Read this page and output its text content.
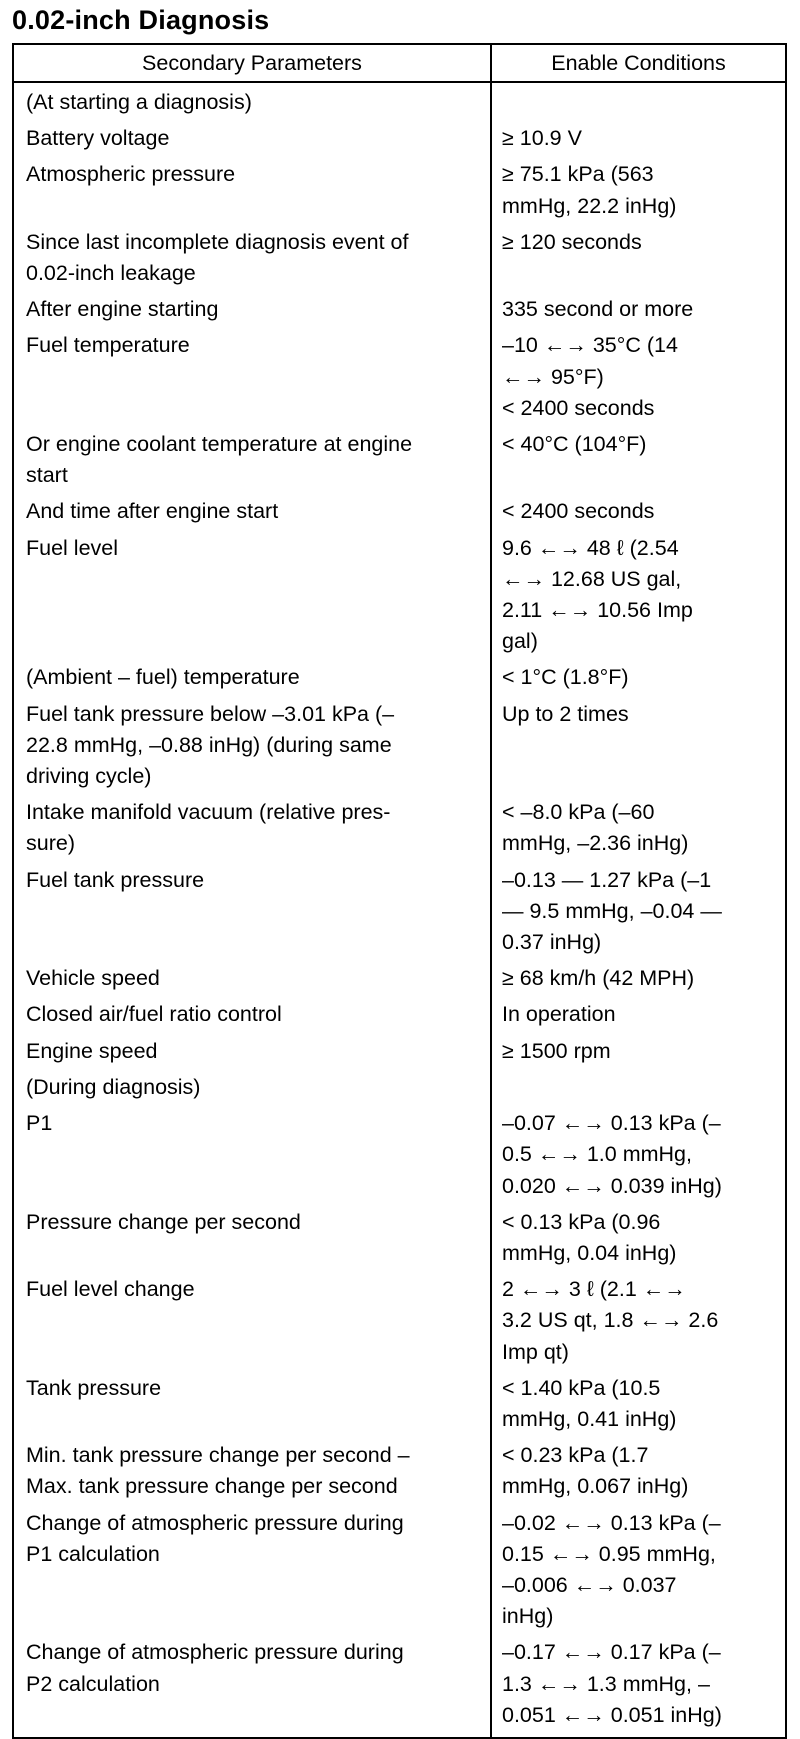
0.02-inch Diagnosis
Secondary Parameters	Enable Conditions

(At starting a diagnosis)	

Battery voltage	≥ 10.9 V

Atmospheric pressure	≥ 75.1 kPa (563
mmHg, 22.2 inHg)

Since last incomplete diagnosis event of
0.02-inch leakage	≥ 120 seconds

After engine starting	335 second or more

Fuel temperature	–10 ←→ 35°C (14
←→ 95°F)
< 2400 seconds

Or engine coolant temperature at engine
start	< 40°C (104°F)

And time after engine start	< 2400 seconds

Fuel level	9.6 ←→ 48 ℓ (2.54
←→ 12.68 US gal,
2.11 ←→ 10.56 Imp
gal)

(Ambient – fuel) temperature	< 1°C (1.8°F)

Fuel tank pressure below –3.01 kPa (–
22.8 mmHg, –0.88 inHg) (during same
driving cycle)	Up to 2 times

Intake manifold vacuum (relative pres-
sure)	< –8.0 kPa (–60
mmHg, –2.36 inHg)

Fuel tank pressure	–0.13 — 1.27 kPa (–1
— 9.5 mmHg, –0.04 —
0.37 inHg)

Vehicle speed	≥ 68 km/h (42 MPH)

Closed air/fuel ratio control	In operation

Engine speed	≥ 1500 rpm

(During diagnosis)	

P1	–0.07 ←→ 0.13 kPa (–
0.5 ←→ 1.0 mmHg,
0.020 ←→ 0.039 inHg)

Pressure change per second	< 0.13 kPa (0.96
mmHg, 0.04 inHg)

Fuel level change	2 ←→ 3 ℓ (2.1 ←→
3.2 US qt, 1.8 ←→ 2.6
Imp qt)

Tank pressure	< 1.40 kPa (10.5
mmHg, 0.41 inHg)

Min. tank pressure change per second –
Max. tank pressure change per second	< 0.23 kPa (1.7
mmHg, 0.067 inHg)

Change of atmospheric pressure during
P1 calculation	–0.02 ←→ 0.13 kPa (–
0.15 ←→ 0.95 mmHg,
–0.006 ←→ 0.037
inHg)

Change of atmospheric pressure during
P2 calculation	–0.17 ←→ 0.17 kPa (–
1.3 ←→ 1.3 mmHg, –
0.051 ←→ 0.051 inHg)
